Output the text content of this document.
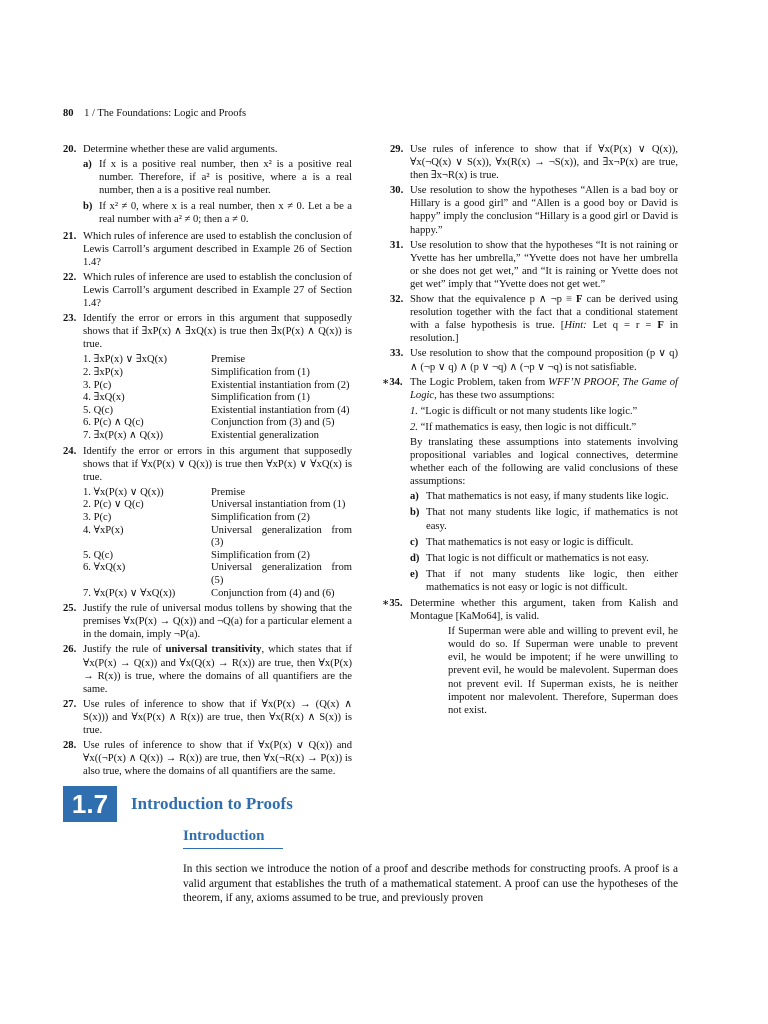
80 1 / The Foundations: Logic and Proofs
20. Determine whether these are valid arguments.
a) If x is a positive real number, then x² is a positive real number. Therefore, if a² is positive, where a is a real number, then a is a positive real number.
b) If x² ≠ 0, where x is a real number, then x ≠ 0. Let a be a real number with a² ≠ 0; then a ≠ 0.
21. Which rules of inference are used to establish the conclusion of Lewis Carroll’s argument described in Example 26 of Section 1.4?
22. Which rules of inference are used to establish the conclusion of Lewis Carroll’s argument described in Example 27 of Section 1.4?
23. Identify the error or errors in this argument that supposedly shows that if ∃xP(x) ∧ ∃xQ(x) is true then ∃x(P(x) ∧ Q(x)) is true.
1. ∃xP(x) ∨ ∃xQ(x)	Premise
2. ∃xP(x)	Simplification from (1)
3. P(c)	Existential instantiation from (2)
4. ∃xQ(x)	Simplification from (1)
5. Q(c)	Existential instantiation from (4)
6. P(c) ∧ Q(c)	Conjunction from (3) and (5)
7. ∃x(P(x) ∧ Q(x))	Existential generalization
24. Identify the error or errors in this argument that supposedly shows that if ∀x(P(x) ∨ Q(x)) is true then ∀xP(x) ∨ ∀xQ(x) is true.
1. ∀x(P(x) ∨ Q(x))	Premise
2. P(c) ∨ Q(c)	Universal instantiation from (1)
3. P(c)	Simplification from (2)
4. ∀xP(x)	Universal generalization from (3)
5. Q(c)	Simplification from (2)
6. ∀xQ(x)	Universal generalization from (5)
7. ∀x(P(x) ∨ ∀xQ(x))	Conjunction from (4) and (6)
25. Justify the rule of universal modus tollens by showing that the premises ∀x(P(x) → Q(x)) and ¬Q(a) for a particular element a in the domain, imply ¬P(a).
26. Justify the rule of universal transitivity, which states that if ∀x(P(x) → Q(x)) and ∀x(Q(x) → R(x)) are true, then ∀x(P(x) → R(x)) is true, where the domains of all quantifiers are the same.
27. Use rules of inference to show that if ∀x(P(x) → (Q(x) ∧ S(x))) and ∀x(P(x) ∧ R(x)) are true, then ∀x(R(x) ∧ S(x)) is true.
28. Use rules of inference to show that if ∀x(P(x) ∨ Q(x)) and ∀x((¬P(x) ∧ Q(x)) → R(x)) are true, then ∀x(¬R(x) → P(x)) is also true, where the domains of all quantifiers are the same.
29. Use rules of inference to show that if ∀x(P(x) ∨ Q(x)), ∀x(¬Q(x) ∨ S(x)), ∀x(R(x) → ¬S(x)), and ∃x¬P(x) are true, then ∃x¬R(x) is true.
30. Use resolution to show the hypotheses “Allen is a bad boy or Hillary is a good girl” and “Allen is a good boy or David is happy” imply the conclusion “Hillary is a good girl or David is happy.”
31. Use resolution to show that the hypotheses “It is not raining or Yvette has her umbrella,” “Yvette does not have her umbrella or she does not get wet,” and “It is raining or Yvette does not get wet” imply that “Yvette does not get wet.”
32. Show that the equivalence p ∧ ¬p ≡ F can be derived using resolution together with the fact that a conditional statement with a false hypothesis is true. [Hint: Let q = r = F in resolution.]
33. Use resolution to show that the compound proposition (p ∨ q) ∧ (¬p ∨ q) ∧ (p ∨ ¬q) ∧ (¬p ∨ ¬q) is not satisfiable.
∗34. The Logic Problem, taken from WFF’N PROOF, The Game of Logic, has these two assumptions:
1. “Logic is difficult or not many students like logic.”
2. “If mathematics is easy, then logic is not difficult.”
By translating these assumptions into statements involving propositional variables and logical connectives, determine whether each of the following are valid conclusions of these assumptions:
a) That mathematics is not easy, if many students like logic.
b) That not many students like logic, if mathematics is not easy.
c) That mathematics is not easy or logic is difficult.
d) That logic is not difficult or mathematics is not easy.
e) That if not many students like logic, then either mathematics is not easy or logic is not difficult.
∗35. Determine whether this argument, taken from Kalish and Montague [KaMo64], is valid.
If Superman were able and willing to prevent evil, he would do so. If Superman were unable to prevent evil, he would be impotent; if he were unwilling to prevent evil, he would be malevolent. Superman does not prevent evil. If Superman exists, he is neither impotent nor malevolent. Therefore, Superman does not exist.
1.7	Introduction to Proofs
Introduction
In this section we introduce the notion of a proof and describe methods for constructing proofs. A proof is a valid argument that establishes the truth of a mathematical statement. A proof can use the hypotheses of the theorem, if any, axioms assumed to be true, and previously proven
